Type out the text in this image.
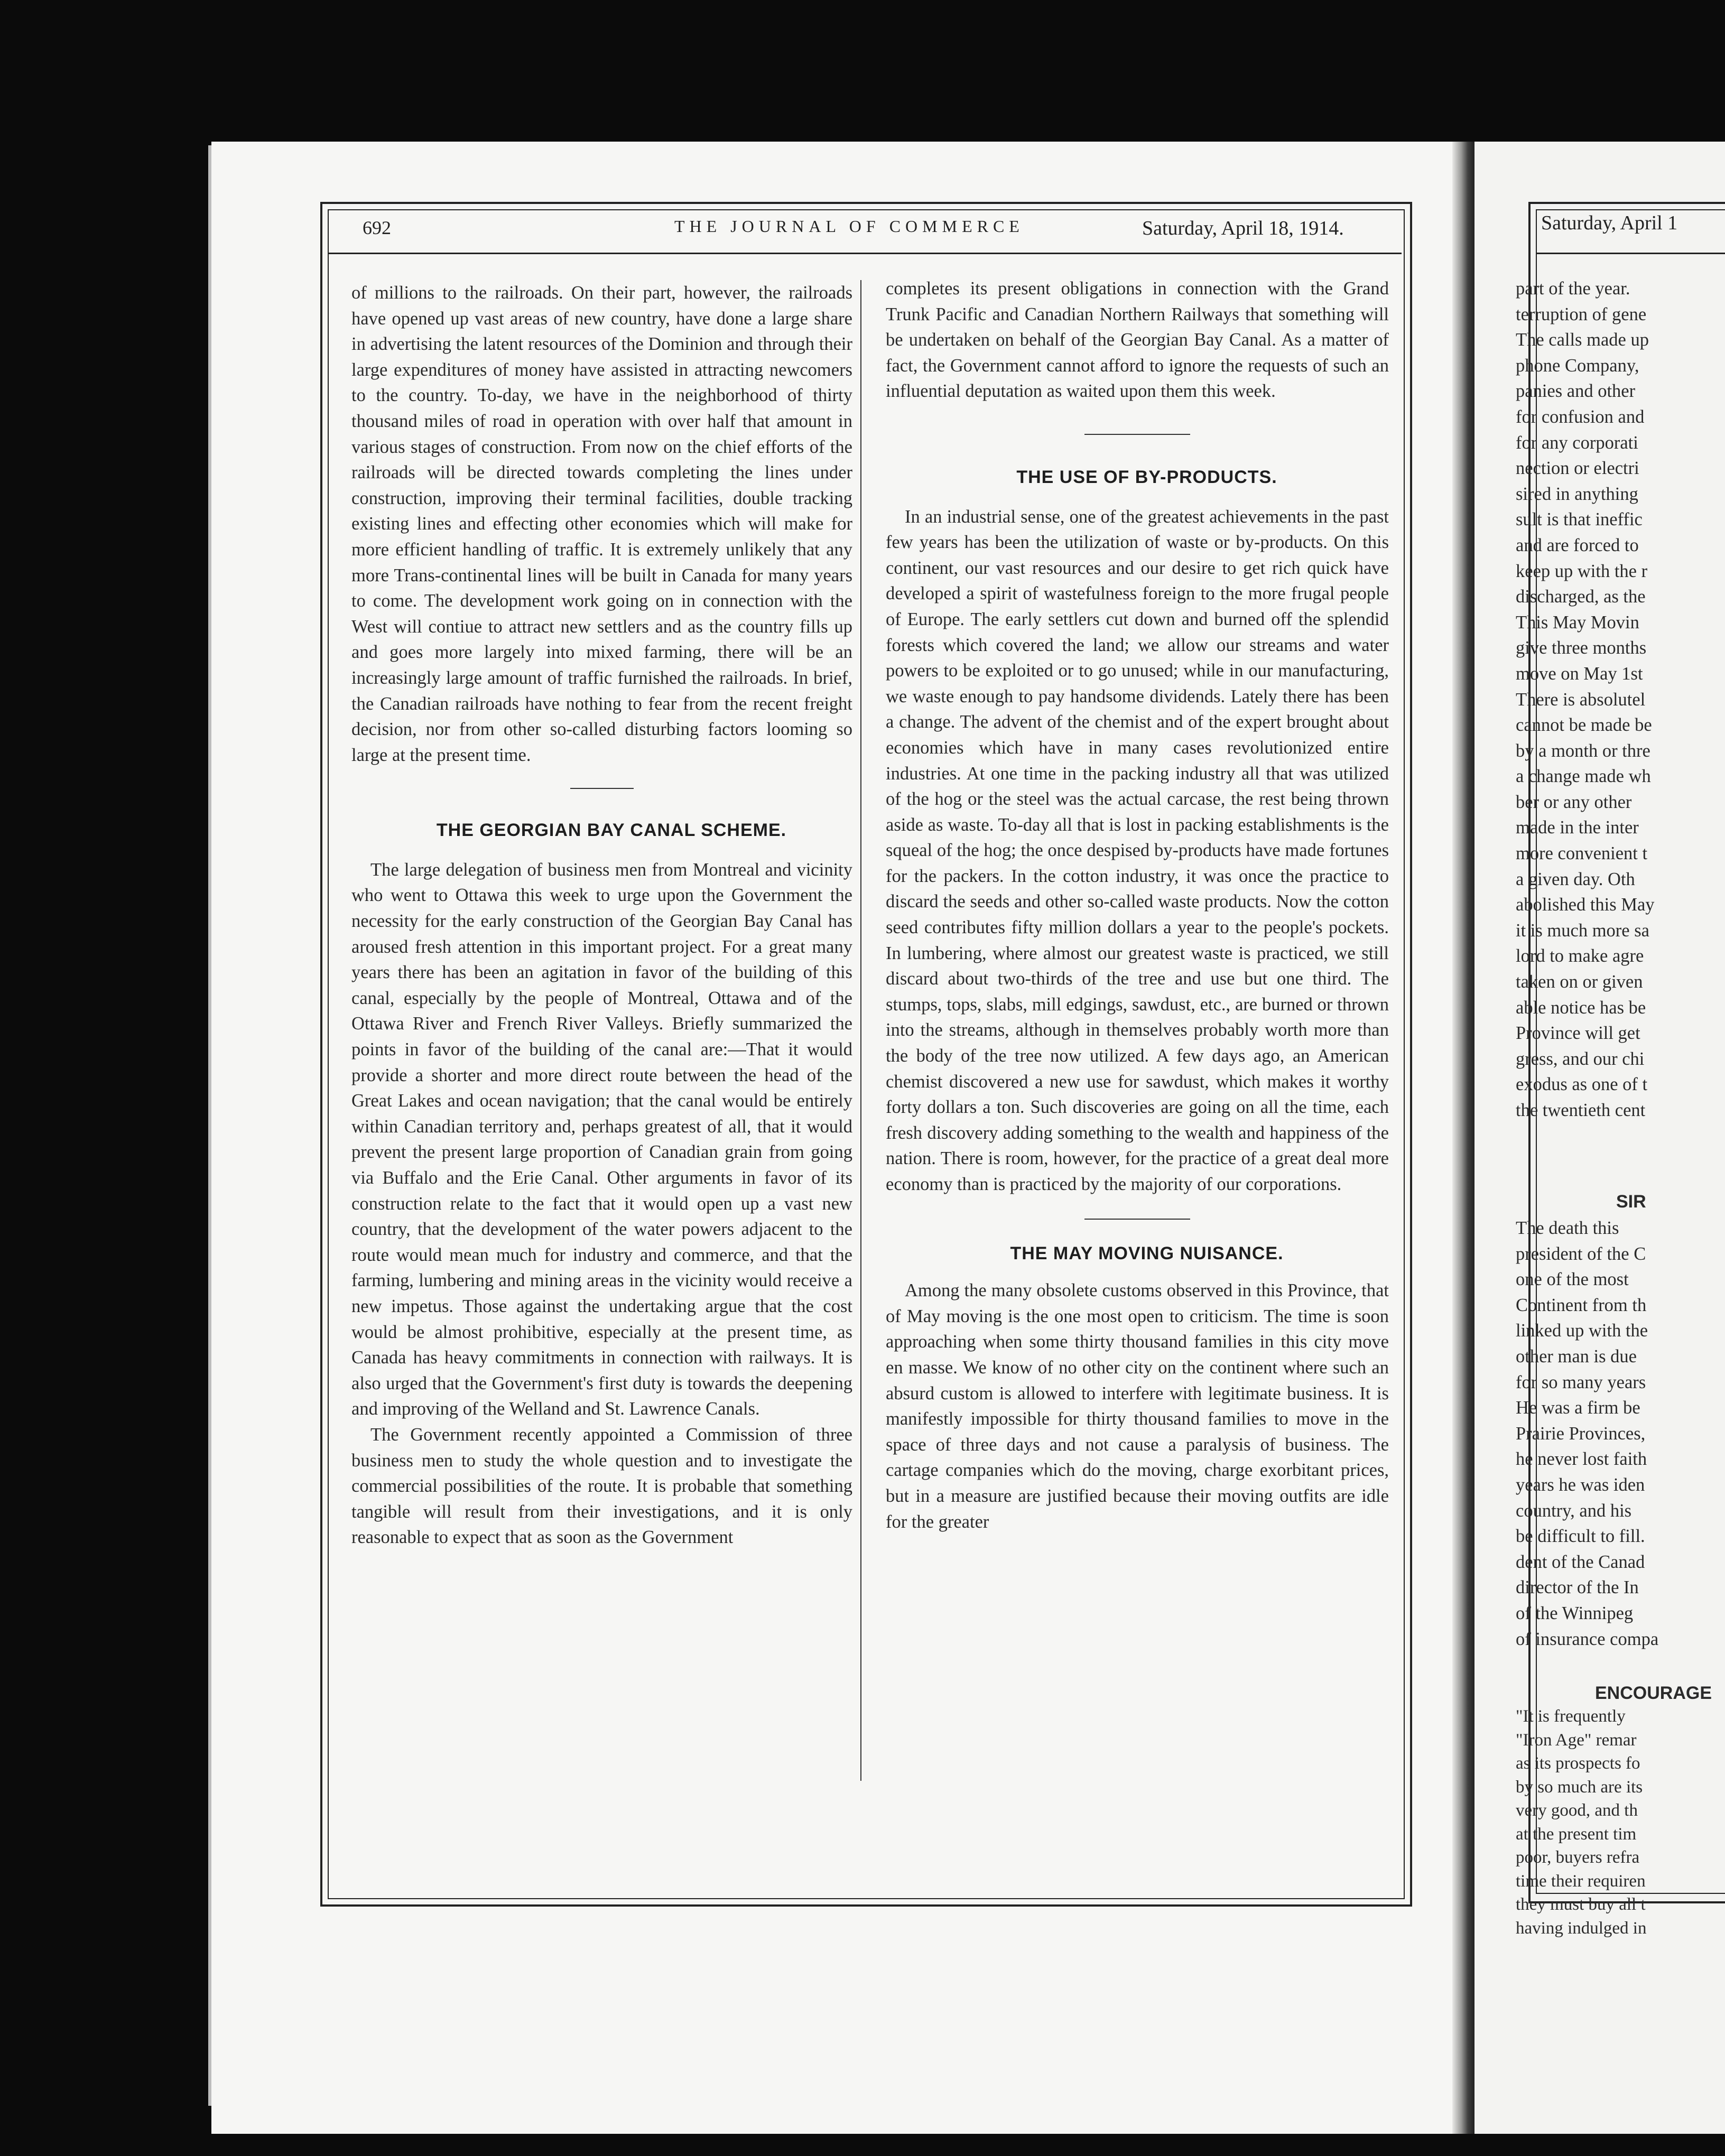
692	THE JOURNAL OF COMMERCE	Saturday, April 18, 1914.

of millions to the railroads. On their part, however, the railroads have opened up vast areas of new country, have done a large share in advertising the latent resources of the Dominion and through their large expenditures of money have assisted in attracting newcomers to the country. To-day, we have in the neighborhood of thirty thousand miles of road in operation with over half that amount in various stages of construction. From now on the chief efforts of the railroads will be directed towards completing the lines under construction, improving their terminal facilities, double tracking existing lines and effecting other economies which will make for more efficient handling of traffic. It is extremely unlikely that any more Trans-continental lines will be built in Canada for many years to come. The development work going on in connection with the West will contiue to attract new settlers and as the country fills up and goes more largely into mixed farming, there will be an increasingly large amount of traffic furnished the railroads. In brief, the Canadian railroads have nothing to fear from the recent freight decision, nor from other so-called disturbing factors looming so large at the present time.

THE GEORGIAN BAY CANAL SCHEME.

The large delegation of business men from Montreal and vicinity who went to Ottawa this week to urge upon the Government the necessity for the early construction of the Georgian Bay Canal has aroused fresh attention in this important project. For a great many years there has been an agitation in favor of the building of this canal, especially by the people of Montreal, Ottawa and of the Ottawa River and French River Valleys. Briefly summarized the points in favor of the building of the canal are:—That it would provide a shorter and more direct route between the head of the Great Lakes and ocean navigation; that the canal would be entirely within Canadian territory and, perhaps greatest of all, that it would prevent the present large proportion of Canadian grain from going via Buffalo and the Erie Canal. Other arguments in favor of its construction relate to the fact that it would open up a vast new country, that the development of the water powers adjacent to the route would mean much for industry and commerce, and that the farming, lumbering and mining areas in the vicinity would receive a new impetus. Those against the undertaking argue that the cost would be almost prohibitive, especially at the present time, as Canada has heavy commitments in connection with railways. It is also urged that the Government's first duty is towards the deepening and improving of the Welland and St. Lawrence Canals.

The Government recently appointed a Commission of three business men to study the whole question and to investigate the commercial possibilities of the route. It is probable that something tangible will result from their investigations, and it is only reasonable to expect that as soon as the Government

completes its present obligations in connection with the Grand Trunk Pacific and Canadian Northern Railways that something will be undertaken on behalf of the Georgian Bay Canal. As a matter of fact, the Government cannot afford to ignore the requests of such an influential deputation as waited upon them this week.

THE USE OF BY-PRODUCTS.

In an industrial sense, one of the greatest achievements in the past few years has been the utilization of waste or by-products. On this continent, our vast resources and our desire to get rich quick have developed a spirit of wastefulness foreign to the more frugal people of Europe. The early settlers cut down and burned off the splendid forests which covered the land; we allow our streams and water powers to be exploited or to go unused; while in our manufacturing, we waste enough to pay handsome dividends. Lately there has been a change. The advent of the chemist and of the expert brought about economies which have in many cases revolutionized entire industries. At one time in the packing industry all that was utilized of the hog or the steel was the actual carcase, the rest being thrown aside as waste. To-day all that is lost in packing establishments is the squeal of the hog; the once despised by-products have made fortunes for the packers. In the cotton industry, it was once the practice to discard the seeds and other so-called waste products. Now the cotton seed contributes fifty million dollars a year to the people's pockets. In lumbering, where almost our greatest waste is practiced, we still discard about two-thirds of the tree and use but one third. The stumps, tops, slabs, mill edgings, sawdust, etc., are burned or thrown into the streams, although in themselves probably worth more than the body of the tree now utilized. A few days ago, an American chemist discovered a new use for sawdust, which makes it worthy forty dollars a ton. Such discoveries are going on all the time, each fresh discovery adding something to the wealth and happiness of the nation. There is room, however, for the practice of a great deal more economy than is practiced by the majority of our corporations.

THE MAY MOVING NUISANCE.

Among the many obsolete customs observed in this Province, that of May moving is the one most open to criticism. The time is soon approaching when some thirty thousand families in this city move en masse. We know of no other city on the continent where such an absurd custom is allowed to interfere with legitimate business. It is manifestly impossible for thirty thousand families to move in the space of three days and not cause a paralysis of business. The cartage companies which do the moving, charge exorbitant prices, but in a measure are justified because their moving outfits are idle for the greater

Saturday, April 1
part of the year.
terruption of gene
The calls made up
phone Company,
panies and other
for confusion and
for any corporati
nection or electri
sired in anything
sult is that ineffic
and are forced to
keep up with the r
discharged, as the
This May Movin
give three months
move on May 1st
There is absolutel
cannot be made be
by a month or thre
a change made wh
ber or any other
made in the inter
more convenient t
a given day. Oth
abolished this May
it is much more sa
lord to make agre
taken on or given
able notice has be
Province will get
gress, and our chi
exodus as one of t
the twentieth cent
SIR
The death this
president of the C
one of the most
Continent from th
linked up with the
other man is due
for so many years
He was a firm be
Prairie Provinces,
he never lost faith
years he was iden
country, and his
be difficult to fill.
dent of the Canad
director of the In
of the Winnipeg
of insurance compa
ENCOURAGE
"It is frequently
"Iron Age" remar
as its prospects fo
by so much are its
very good, and th
at the present tim
poor, buyers refra
time their requiren
they must buy all t
having indulged in
